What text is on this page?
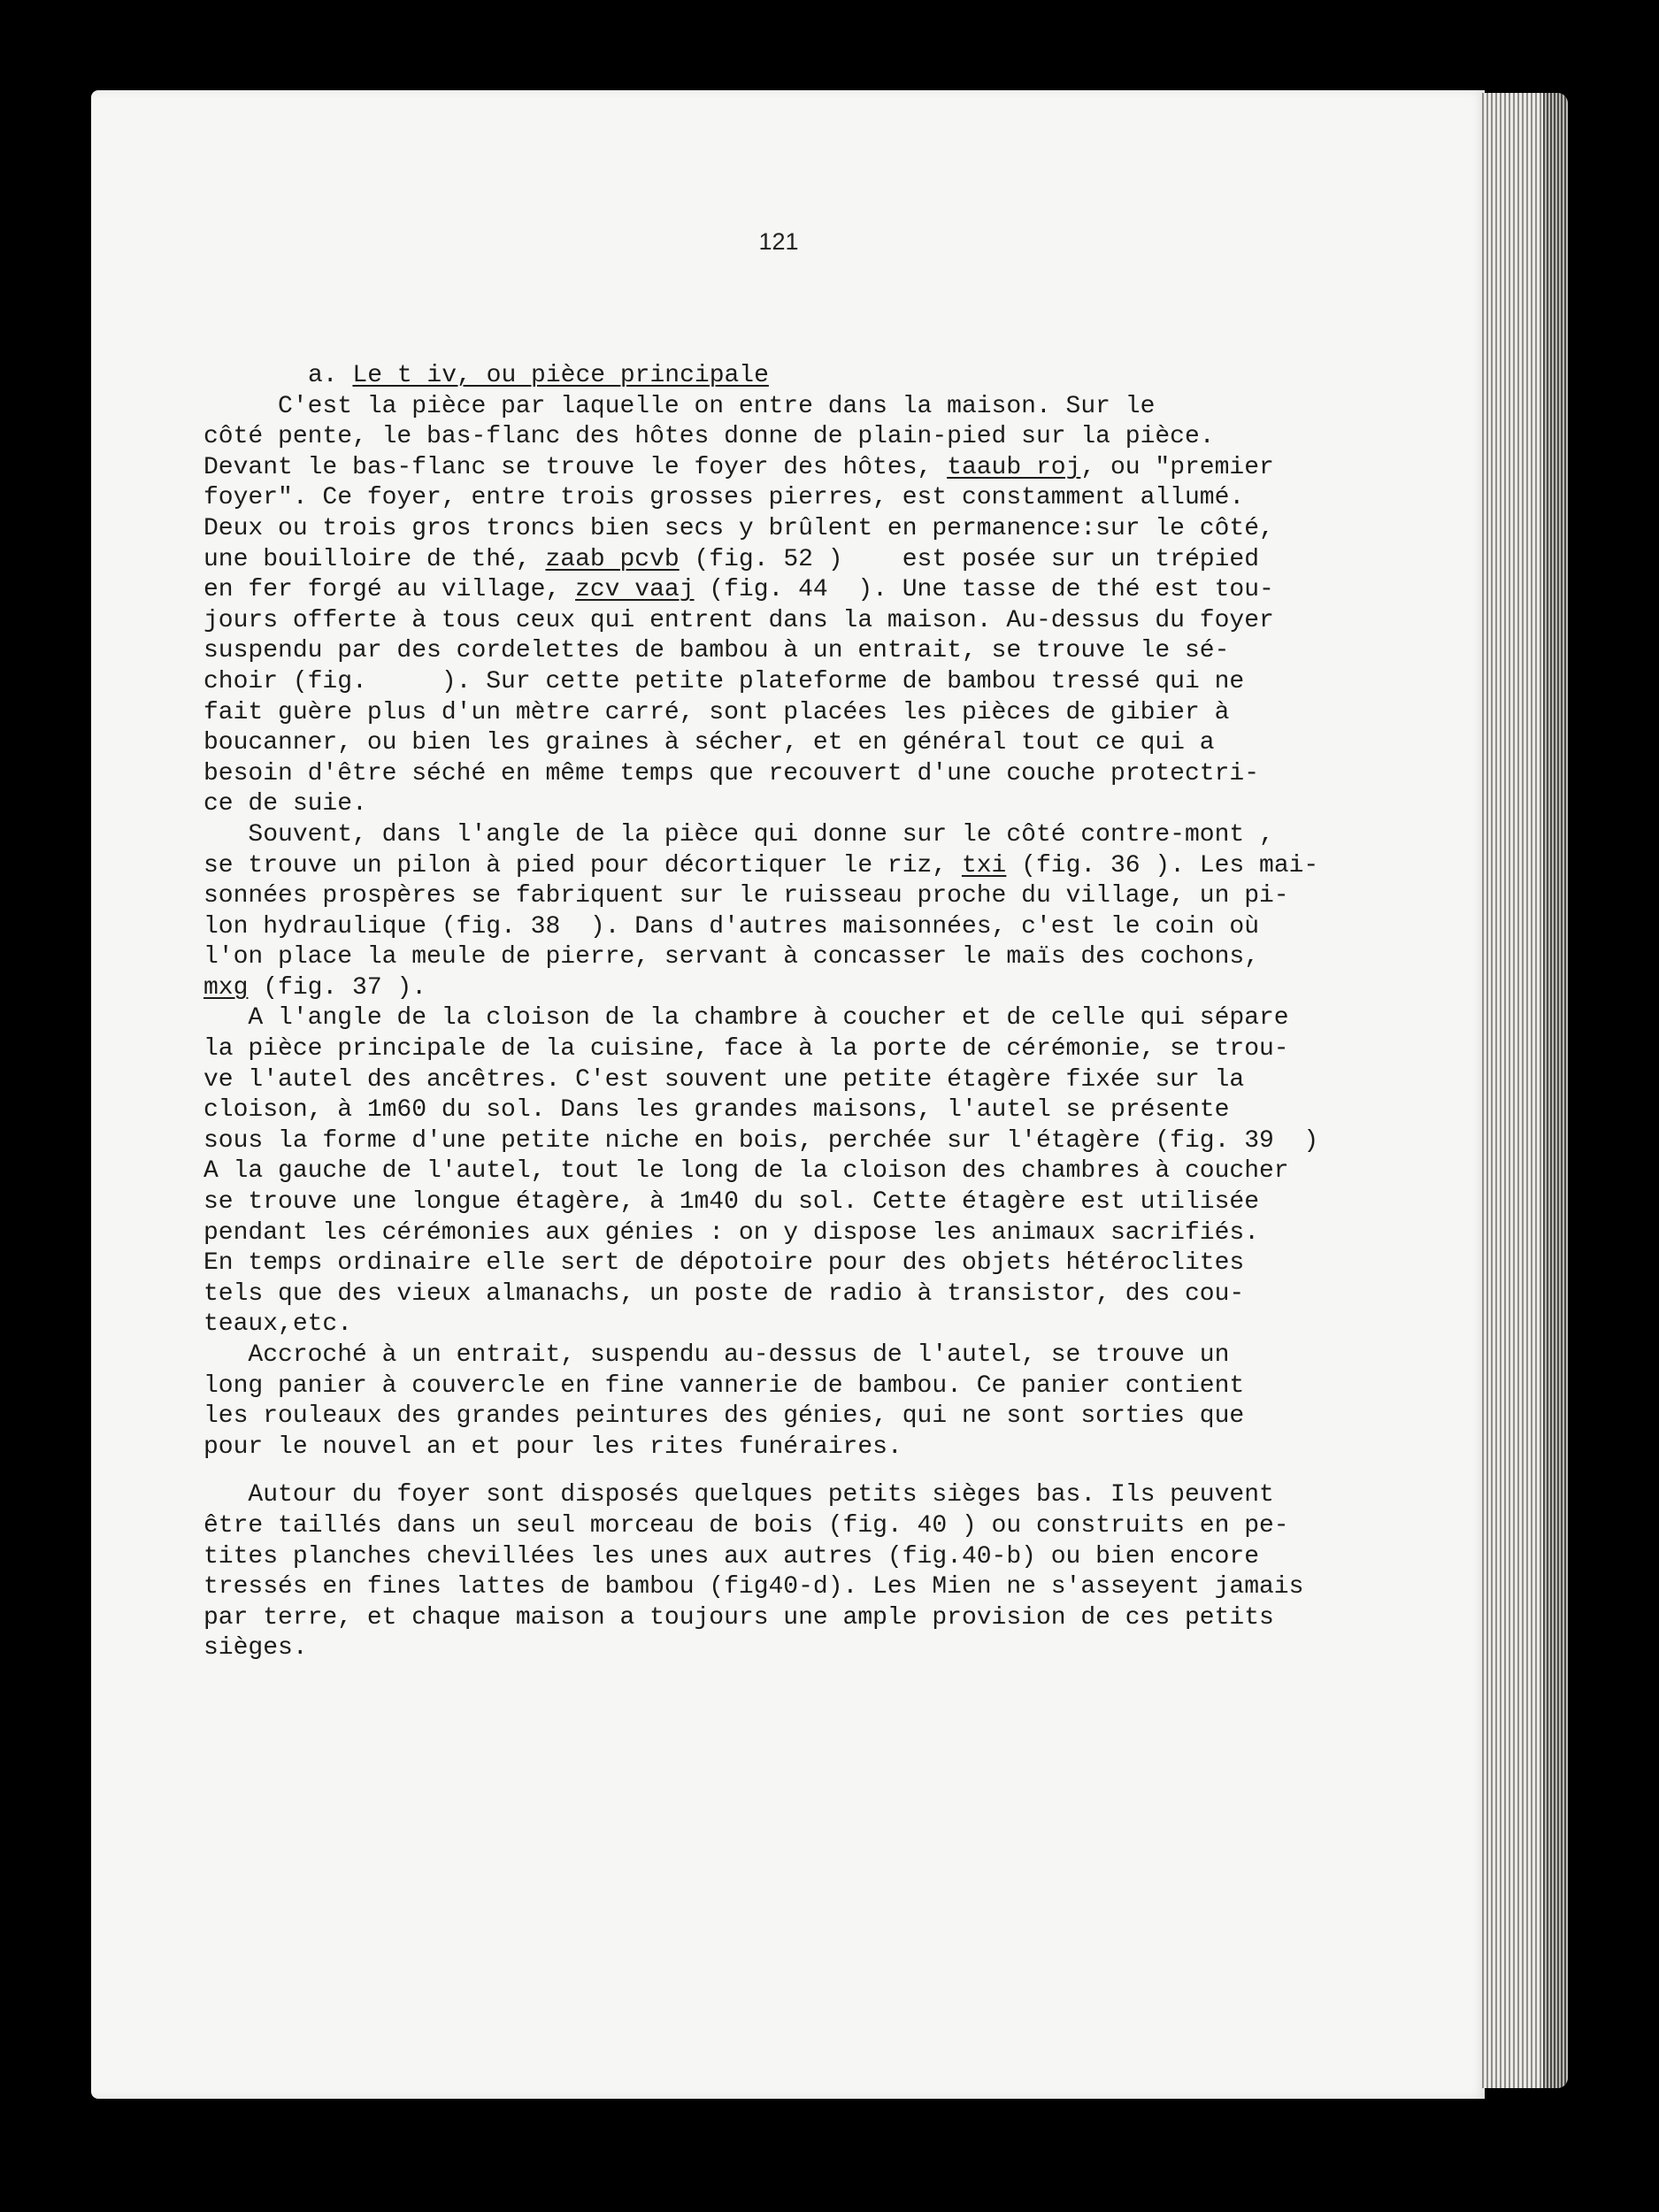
121
a. Le t iv, ou pièce principale
C'est la pièce par laquelle on entre dans la maison. Sur le
côté pente, le bas-flanc des hôtes donne de plain-pied sur la pièce.
Devant le bas-flanc se trouve le foyer des hôtes, taaub roj, ou "premier
foyer". Ce foyer, entre trois grosses pierres, est constamment allumé.
Deux ou trois gros troncs bien secs y brûlent en permanence:sur le côté,
une bouilloire de thé, zaab pcvb (fig. 52 )    est posée sur un trépied
en fer forgé au village, zcv vaaj (fig. 44  ). Une tasse de thé est tou-
jours offerte à tous ceux qui entrent dans la maison. Au-dessus du foyer
suspendu par des cordelettes de bambou à un entrait, se trouve le sé-
choir (fig.     ). Sur cette petite plateforme de bambou tressé qui ne
fait guère plus d'un mètre carré, sont placées les pièces de gibier à
boucanner, ou bien les graines à sécher, et en général tout ce qui a
besoin d'être séché en même temps que recouvert d'une couche protectri-
ce de suie.
Souvent, dans l'angle de la pièce qui donne sur le côté contre-mont ,
se trouve un pilon à pied pour décortiquer le riz, txi (fig. 36 ). Les mai-
sonnées prospères se fabriquent sur le ruisseau proche du village, un pi-
lon hydraulique (fig. 38  ). Dans d'autres maisonnées, c'est le coin où
l'on place la meule de pierre, servant à concasser le maïs des cochons,
mxg (fig. 37 ).
A l'angle de la cloison de la chambre à coucher et de celle qui sépare
la pièce principale de la cuisine, face à la porte de cérémonie, se trou-
ve l'autel des ancêtres. C'est souvent une petite étagère fixée sur la
cloison, à 1m60 du sol. Dans les grandes maisons, l'autel se présente
sous la forme d'une petite niche en bois, perchée sur l'étagère (fig. 39  )
A la gauche de l'autel, tout le long de la cloison des chambres à coucher
se trouve une longue étagère, à 1m40 du sol. Cette étagère est utilisée
pendant les cérémonies aux génies : on y dispose les animaux sacrifiés.
En temps ordinaire elle sert de dépotoire pour des objets hétéroclites
tels que des vieux almanachs, un poste de radio à transistor, des cou-
teaux,etc.
Accroché à un entrait, suspendu au-dessus de l'autel, se trouve un
long panier à couvercle en fine vannerie de bambou. Ce panier contient
les rouleaux des grandes peintures des génies, qui ne sont sorties que
pour le nouvel an et pour les rites funéraires.
Autour du foyer sont disposés quelques petits sièges bas. Ils peuvent
être taillés dans un seul morceau de bois (fig. 40 ) ou construits en pe-
tites planches chevillées les unes aux autres (fig.40-b) ou bien encore
tressés en fines lattes de bambou (fig40-d). Les Mien ne s'asseyent jamais
par terre, et chaque maison a toujours une ample provision de ces petits
sièges.
